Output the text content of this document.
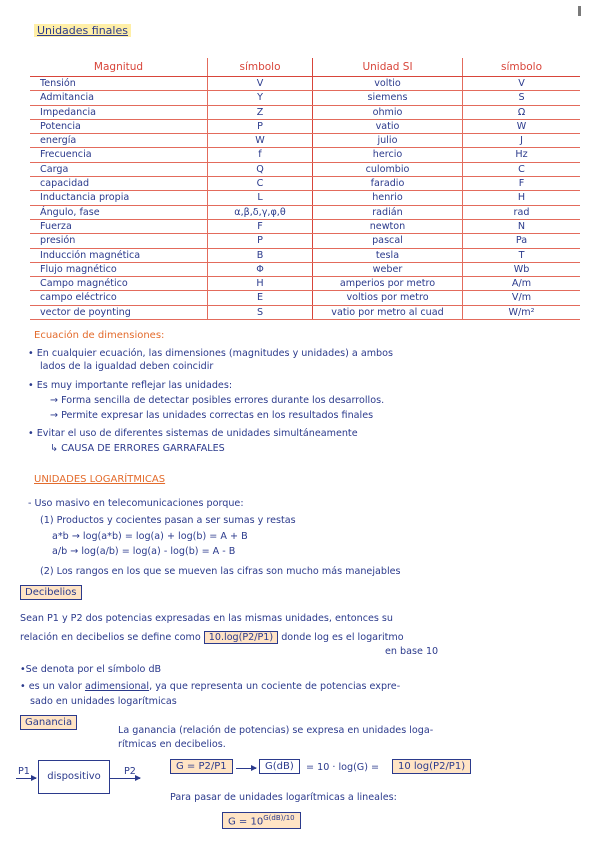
Unidades finales
Magnitud	símbolo	Unidad SI	símbolo
Tensión	V	voltio	V
Admitancia	Y	siemens	S
Impedancia	Z	ohmio	Ω
Potencia	P	vatio	W
energía	W	julio	J
Frecuencia	f	hercio	Hz
Carga	Q	culombio	C
capacidad	C	faradio	F
Inductancia propia	L	henrio	H
Ángulo, fase	α,β,δ,γ,φ,θ	radián	rad
Fuerza	F	newton	N
presión	P	pascal	Pa
Inducción magnética	B	tesla	T
Flujo magnético	Φ	weber	Wb
Campo magnético	H	amperios por metro	A/m
campo eléctrico	E	voltios por metro	V/m
vector de poynting	S	vatio por metro al cuad	W/m²
Ecuación de dimensiones:
• En cualquier ecuación, las dimensiones (magnitudes y unidades) a ambos
lados de la igualdad deben coincidir
• Es muy importante reflejar las unidades:
→ Forma sencilla de detectar posibles errores durante los desarrollos.
→ Permite expresar las unidades correctas en los resultados finales
• Evitar el uso de diferentes sistemas de unidades simultáneamente
↳ CAUSA DE ERRORES GARRAFALES
UNIDADES LOGARÍTMICAS
- Uso masivo en telecomunicaciones porque:
(1) Productos y cocientes pasan a ser sumas y restas
a*b → log(a*b) = log(a) + log(b) = A + B
a/b → log(a/b) = log(a) - log(b) = A - B
(2) Los rangos en los que se mueven las cifras son mucho más manejables
Decibelios
Sean P1 y P2 dos potencias expresadas en las mismas unidades, entonces su
relación en decibelios se define como 10.log(P2/P1) donde log es el logaritmo
en base 10
•Se denota por el símbolo dB
• es un valor adimensional, ya que representa un cociente de potencias expre-
sado en unidades logarítmicas
Ganancia
La ganancia (relación de potencias) se expresa en unidades loga-
rítmicas en decibelios.
P1	dispositivo	P2	G = P2/P1	G(dB)	= 10 · log(G) =	10 log(P2/P1)
Para pasar de unidades logarítmicas a lineales:
$G = 10^{G(dB)/10}$
